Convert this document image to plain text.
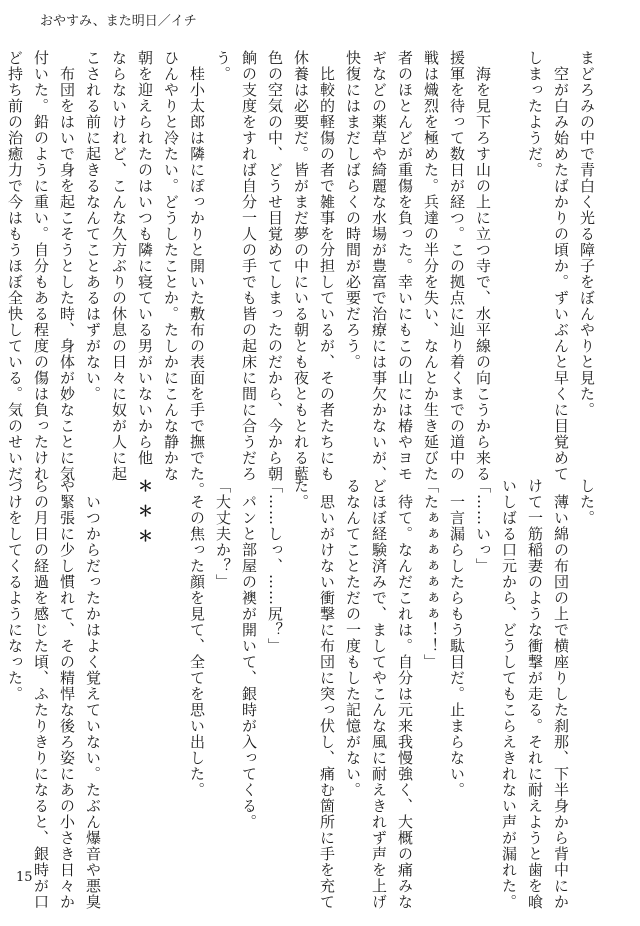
おやすみ、また明日／イチ
まどろみの中で青白く光る障子をぼんやりと見た。
　空が白み始めたばかりの頃か。ずいぶんと早くに目覚めて
しまったようだ。
　海を見下ろす山の上に立つ寺で、水平線の向こうから来る
援軍を待って数日が経つ。この拠点に辿り着くまでの道中の
戦は熾烈を極めた。兵達の半分を失い、なんとか生き延びた
者のほとんどが重傷を負った。幸いにもこの山には椿やヨモ
ギなどの薬草や綺麗な水場が豊富で治療には事欠かないが、
快復にはまだしばらくの時間が必要だろう。
　比較的軽傷の者で雑事を分担しているが、その者たちにも
休養は必要だ。皆がまだ夢の中にいる朝とも夜ともとれる藍
色の空気の中、どうせ目覚めてしまったのだから、今から朝
餉の支度をすれば自分一人の手でも皆の起床に間に合うだろ
う。
　桂小太郎は隣にぽっかりと開いた敷布の表面を手で撫でた。
ひんやりと冷たい。どうしたことか。たしかにこんな静かな
朝を迎えられたのはいつも隣に寝ている男がいないから他
ならないけれど、こんな久方ぶりの休息の日々に奴が人に起
こされる前に起きるなんてことあるはずがない。
　布団をはいで身を起こそうとした時、身体が妙なことに気
付いた。鉛のように重い。自分もある程度の傷は負ったけれ
ど持ち前の治癒力で今はもうほぼ全快している。気のせいだ
した。
　薄い綿の布団の上で横座りした刹那、下半身から背中にか
けて一筋稲妻のような衝撃が走る。それに耐えようと歯を喰
いしばる口元から、どうしてもこらえきれない声が漏れた。
「……いっ」
　一言漏らしたらもう駄目だ。止まらない。
「たぁぁぁぁぁぁぁ！！」
　待て。なんだこれは。自分は元来我慢強く、大概の痛みな
どほぼ経験済みで、ましてやこんな風に耐えきれず声を上げ
るなんてことただの一度もした記憶がない。
　思いがけない衝撃に布団に突っ伏し、痛む箇所に手を充て
た。
「……しっ、……尻？」
　パンと部屋の襖が開いて、銀時が入ってくる。
「大丈夫か？」
　その焦った顔を見て、全てを思い出した。
＊＊＊
　いつからだったかはよく覚えていない。たぶん爆音や悪臭
や緊張に少し慣れて、その精悍な後ろ姿にあの小さき日々か
らの月日の経過を感じた頃、ふたりきりになると、銀時が口
づけをしてくるようになった。
15
